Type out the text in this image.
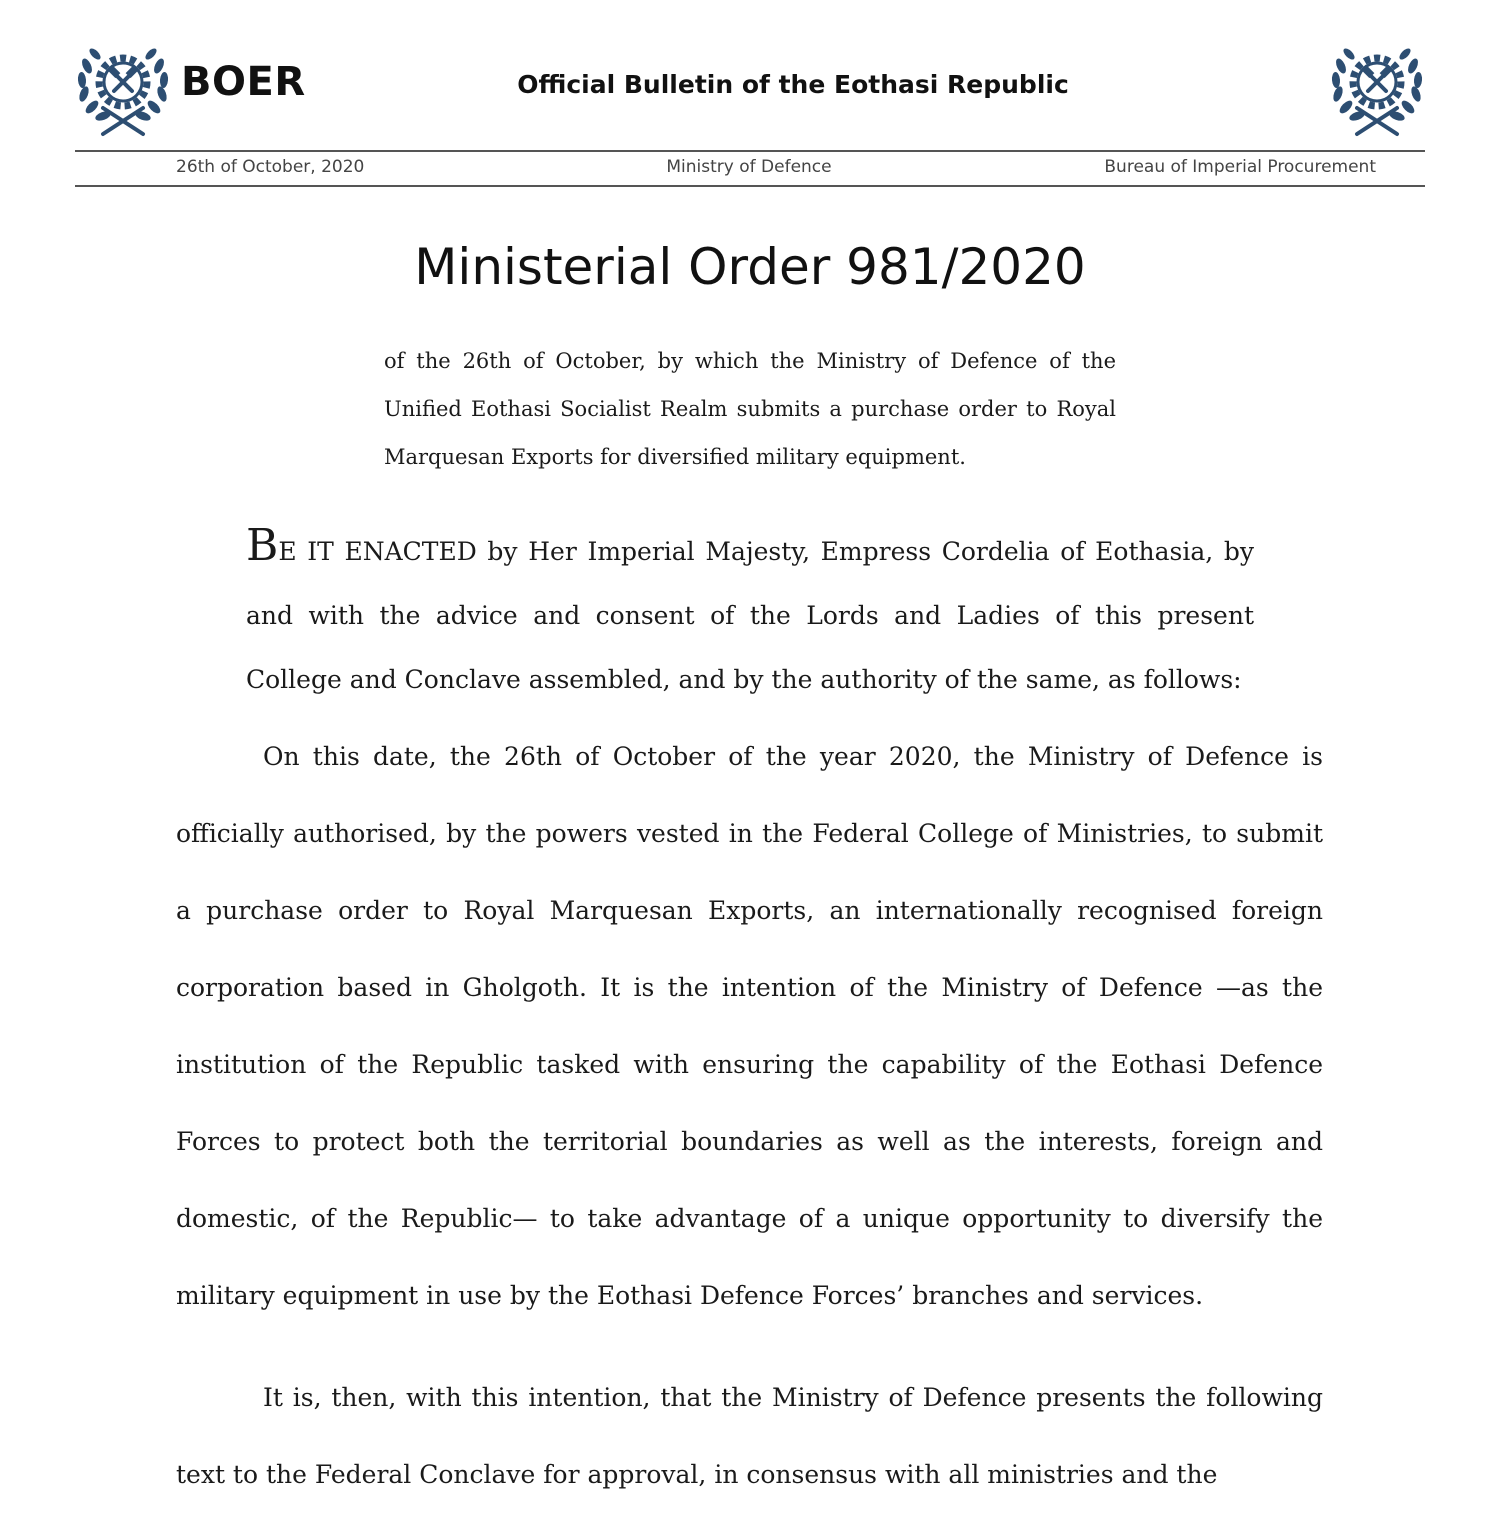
BOER	Official Bulletin of the Eothasi Republic
26th of October, 2020	Ministry of Defence	Bureau of Imperial Procurement
Ministerial Order 981/2020

of the 26th of October, by which the Ministry of Defence of the Unified Eothasi Socialist Realm submits a purchase order to Royal Marquesan Exports for diversified military equipment.

BE IT ENACTED by Her Imperial Majesty, Empress Cordelia of Eothasia, by and with the advice and consent of the Lords and Ladies of this present College and Conclave assembled, and by the authority of the same, as follows:

On this date, the 26th of October of the year 2020, the Ministry of Defence is officially authorised, by the powers vested in the Federal College of Ministries, to submit a purchase order to Royal Marquesan Exports, an internationally recognised foreign corporation based in Gholgoth. It is the intention of the Ministry of Defence —as the institution of the Republic tasked with ensuring the capability of the Eothasi Defence Forces to protect both the territorial boundaries as well as the interests, foreign and domestic, of the Republic— to take advantage of a unique opportunity to diversify the military equipment in use by the Eothasi Defence Forces’ branches and services.

It is, then, with this intention, that the Ministry of Defence presents the following text to the Federal Conclave for approval, in consensus with all ministries and the
